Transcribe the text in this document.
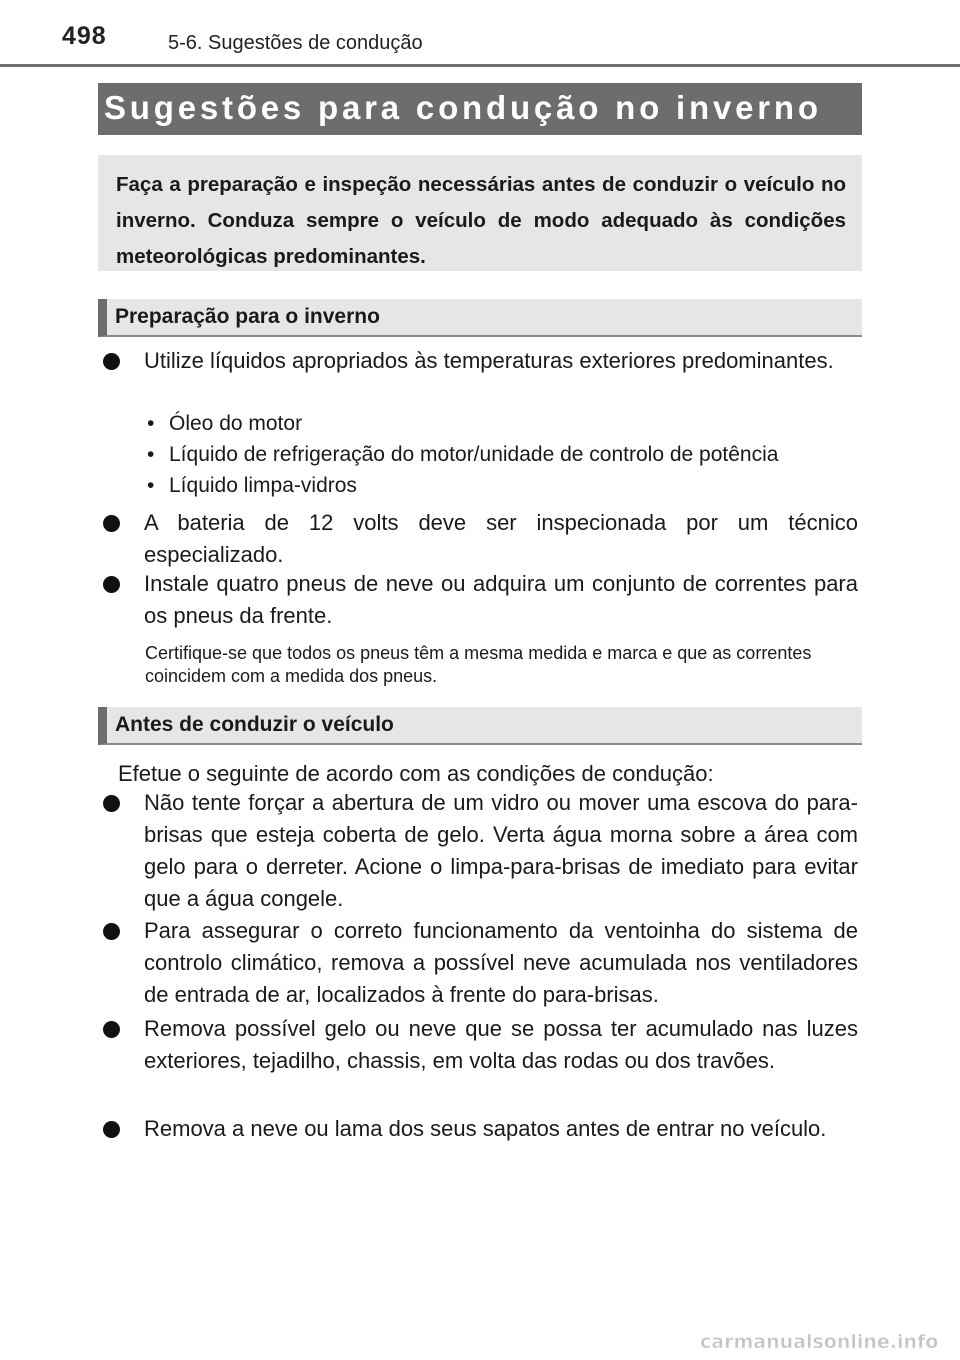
498	5-6. Sugestões de condução
Sugestões para condução no inverno

Faça a preparação e inspeção necessárias antes de conduzir o veículo no inverno. Conduza sempre o veículo de modo adequado às condições meteorológicas predominantes.

Preparação para o inverno
Utilize líquidos apropriados às temperaturas exteriores predominantes.
• Óleo do motor
• Líquido de refrigeração do motor/unidade de controlo de potência
• Líquido limpa-vidros
A bateria de 12 volts deve ser inspecionada por um técnico especializado.
Instale quatro pneus de neve ou adquira um conjunto de correntes para os pneus da frente.
Certifique-se que todos os pneus têm a mesma medida e marca e que as correntes coincidem com a medida dos pneus.
Antes de conduzir o veículo
Efetue o seguinte de acordo com as condições de condução:
Não tente forçar a abertura de um vidro ou mover uma escova do para-brisas que esteja coberta de gelo. Verta água morna sobre a área com gelo para o derreter. Acione o limpa-para-brisas de imediato para evitar que a água congele.
Para assegurar o correto funcionamento da ventoinha do sistema de controlo climático, remova a possível neve acumulada nos ventiladores de entrada de ar, localizados à frente do para-brisas.
Remova possível gelo ou neve que se possa ter acumulado nas luzes exteriores, tejadilho, chassis, em volta das rodas ou dos travões.
Remova a neve ou lama dos seus sapatos antes de entrar no veículo.
carmanualsonline.info
